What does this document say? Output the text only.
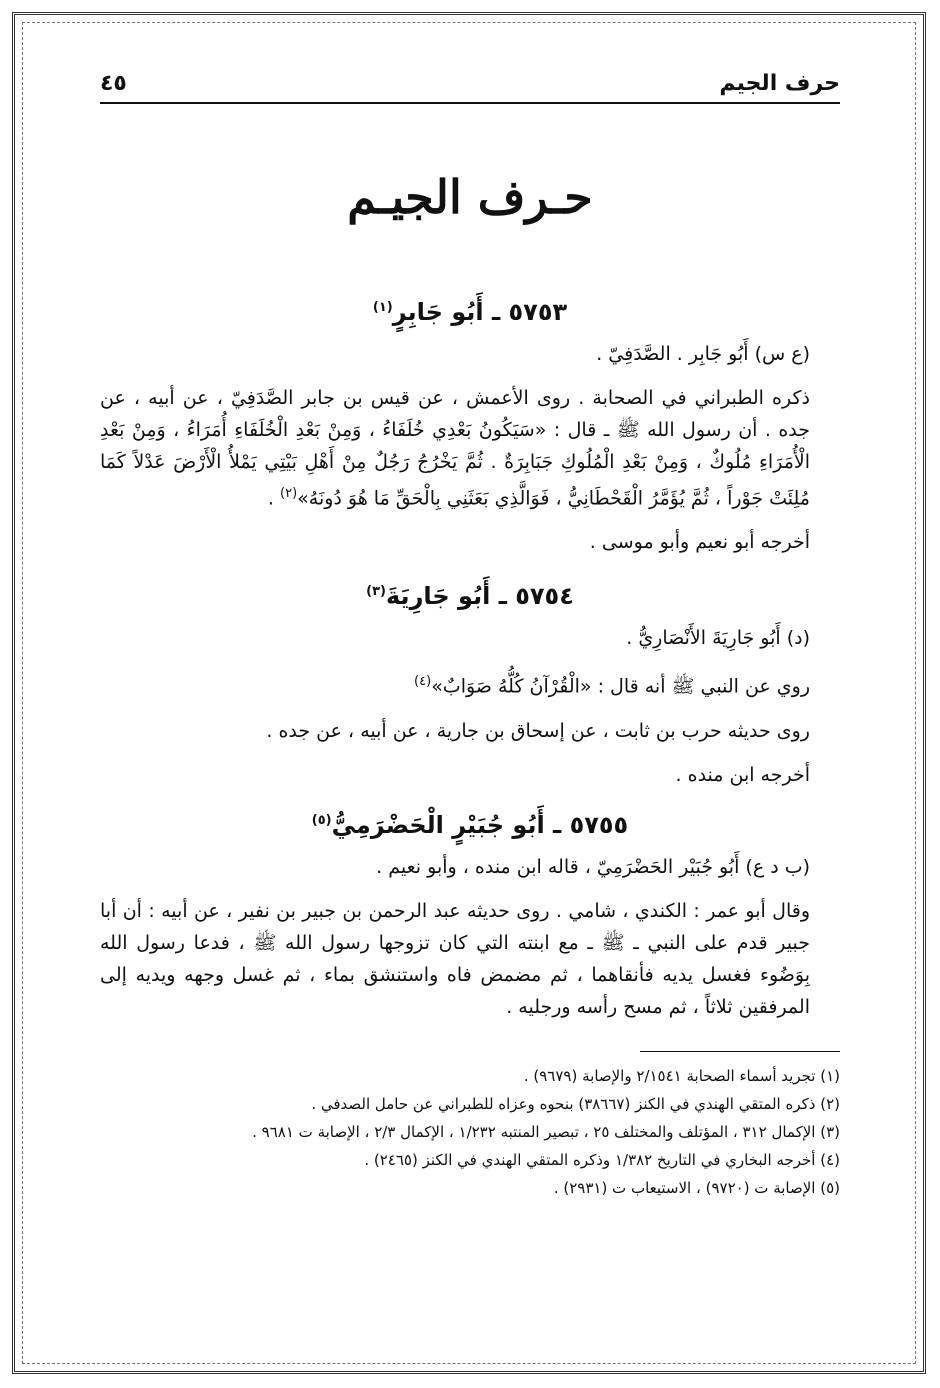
حرف الجيم
٤٥
حـرف الجيـم
٥٧٥٣ ـ أَبُو جَابِرٍ$^{(١)}$

(ع س) أَبُو جَابِر . الصَّدَفِيّ .

ذكره الطبراني في الصحابة . روى الأعمش ، عن قيس بن جابر الصَّدَفِيّ ، عن أبيه ، عن جده . أن رسول الله ﷺ ـ قال : «سَيَكُونُ بَعْدِي خُلَفَاءُ ، وَمِنْ بَعْدِ الْخُلَفَاءِ أُمَرَاءُ ، وَمِنْ بَعْدِ الْأُمَرَاءِ مُلُوكٌ ، وَمِنْ بَعْدِ الْمُلُوكِ جَبَابِرَةٌ . ثُمَّ يَخْرُجُ رَجُلٌ مِنْ أَهْلِ بَيْتِي يَمْلأُ الْأَرْضَ عَدْلاً كَمَا مُلِئَتْ جَوْراً ، ثُمَّ يُؤَمَّرُ الْقَحْطَانِيُّ ، فَوَالَّذِي بَعَثَنِي بِالْحَقِّ مَا هُوَ دُونَهُ»$^{(٢)}$ .

أخرجه أبو نعيم وأبو موسى .

٥٧٥٤ ـ أَبُو جَارِيَةَ$^{(٣)}$

(د) أَبُو جَارِيَةَ الأَنْصَارِيُّ .

روي عن النبي ﷺ أنه قال : «الْقُرْآنُ كُلُّهُ صَوَابٌ»$^{(٤)}$

روى حديثه حرب بن ثابت ، عن إسحاق بن جارية ، عن أبيه ، عن جده .

أخرجه ابن منده .

٥٧٥٥ ـ أَبُو جُبَيْرٍ الْحَضْرَمِيُّ$^{(٥)}$

(ب د ع) أَبُو جُبَيْر الحَضْرَمِيّ ، قاله ابن منده ، وأبو نعيم .

وقال أبو عمر : الكندي ، شامي . روى حديثه عبد الرحمن بن جبير بن نفير ، عن أبيه : أن أبا جبير قدم على النبي ـ ﷺ ـ مع ابنته التي كان تزوجها رسول الله ﷺ ، فدعا رسول الله بِوَضُوء فغسل يديه فأنقاهما ، ثم مضمض فاه واستنشق بماء ، ثم غسل وجهه ويديه إلى المرفقين ثلاثاً ، ثم مسح رأسه ورجليه .

(١) تجريد أسماء الصحابة ٢/١٥٤١ والإصابة (٩٦٧٩) .
(٢) ذكره المتقي الهندي في الكنز (٣٨٦٦٧) بنحوه وعزاه للطبراني عن حامل الصدفي .
(٣) الإكمال ٣١٢ ، المؤتلف والمختلف ٢٥ ، تبصير المنتبه ١/٢٣٢ ، الإكمال ٢/٣ ، الإصابة ت ٩٦٨١ .
(٤) أخرجه البخاري في التاريخ ١/٣٨٢ وذكره المتقي الهندي في الكنز (٢٤٦٥) .
(٥) الإصابة ت (٩٧٢٠) ، الاستيعاب ت (٢٩٣١) .
